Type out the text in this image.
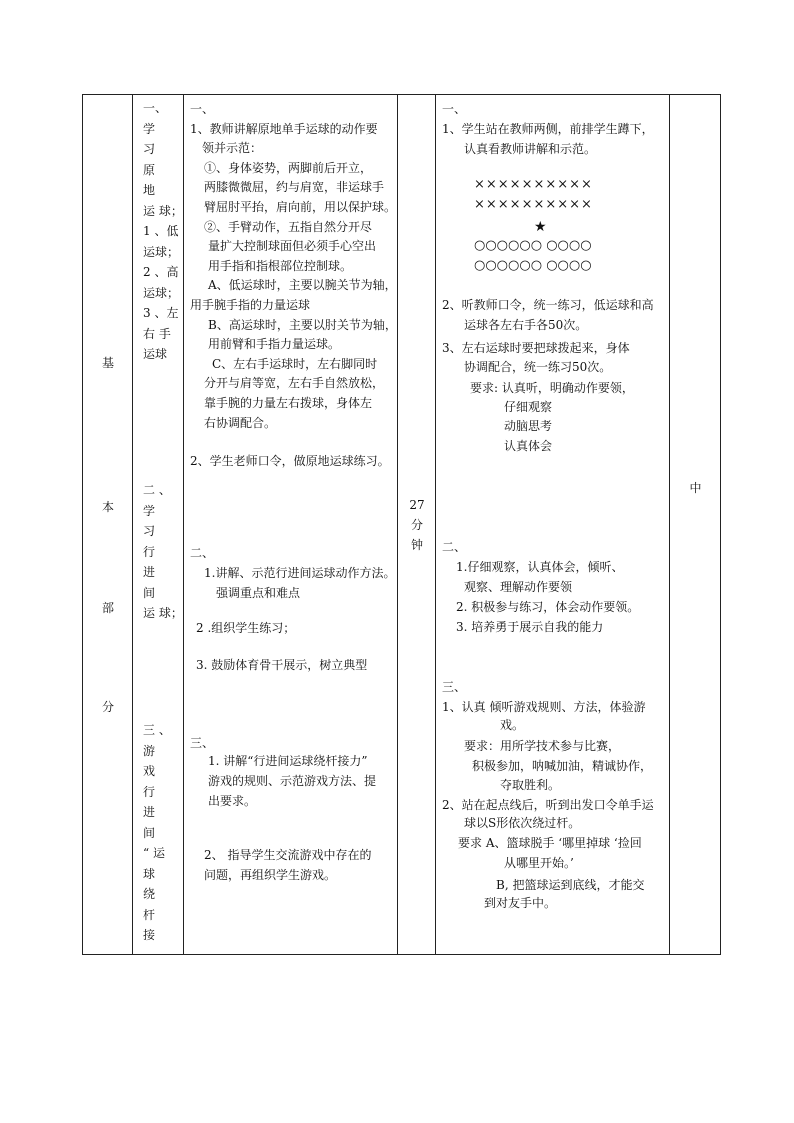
基
本
部
分

一、
学
习
原
地
运 球；
1 、低
运球；
2 、高
运球；
3 、左
右 手
运球
二 、
学
习
行
进
间
运 球；
三 、
游
戏
行
进
间
“ 运
球
绕
杆
接

一、
1、教师讲解原地单手运球的动作要
领并示范：
①、身体姿势，两脚前后开立，
两膝微微屈，约与肩宽，非运球手
臂屈肘平抬，肩向前，用以保护球。
②、手臂动作，五指自然分开尽
量扩大控制球面但必须手心空出
用手指和指根部位控制球。
A、低运球时，主要以腕关节为轴，
用手腕手指的力量运球
B、高运球时，主要以肘关节为轴，
用前臂和手指力量运球。
C、左右手运球时，左右脚同时
分开与肩等宽，左右手自然放松，
靠手腕的力量左右拨球，身体左
右协调配合。
2、学生老师口令，做原地运球练习。
二、
1.讲解、示范行进间运球动作方法。
强调重点和难点
2 .组织学生练习；
3. 鼓励体育骨干展示，树立典型
三、
1. 讲解“行进间运球绕杆接力”
游戏的规则、示范游戏方法、提
出要求。
2、 指导学生交流游戏中存在的
问题，再组织学生游戏。

27
分
钟

一、
1、学生站在教师两侧，前排学生蹲下，
认真看教师讲解和示范。
××××××××××
××××××××××
★
○○○○○○ ○○○○
○○○○○○ ○○○○
2、听教师口令，统一练习，低运球和高
运球各左右手各50次。
3、左右运球时要把球拨起来，身体
协调配合，统一练习50次。
要求: 认真听，明确动作要领，
仔细观察
动脑思考
认真体会
二、
1.仔细观察，认真体会，倾听、
观察、理解动作要领
2. 积极参与练习，体会动作要领。
3. 培养勇于展示自我的能力
三、
1、认真 倾听游戏规则、方法，体验游
戏。
要求：用所学技术参与比赛，
积极参加，呐喊加油，精诚协作，
夺取胜利。
2、站在起点线后，听到出发口令单手运
球以S形依次绕过杆。
要求 A、篮球脱手 ‘哪里掉球 ‘捡回
从哪里开始。’
B, 把篮球运到底线，才能交
到对友手中。

中
